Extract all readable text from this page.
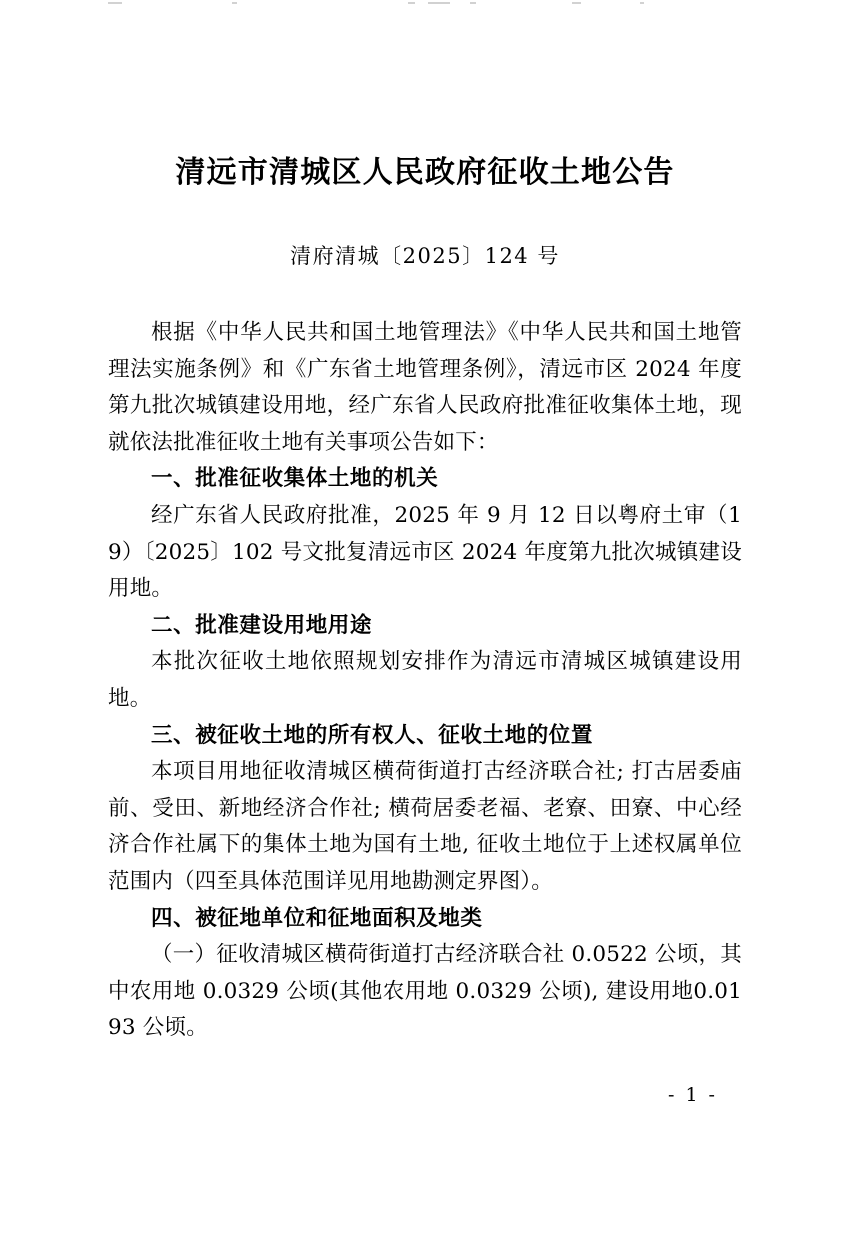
清远市清城区人民政府征收土地公告

清府清城〔2025〕124 号

根据《中华人民共和国土地管理法》《中华人民共和国土地管理法实施条例》和《广东省土地管理条例》，清远市区 2024 年度第九批次城镇建设用地，经广东省人民政府批准征收集体土地，现就依法批准征收土地有关事项公告如下：

一、批准征收集体土地的机关

经广东省人民政府批准，2025 年 9 月 12 日以粤府土审（19）〔2025〕102 号文批复清远市区 2024 年度第九批次城镇建设用地。

二、批准建设用地用途

本批次征收土地依照规划安排作为清远市清城区城镇建设用地。

三、被征收土地的所有权人、征收土地的位置

本项目用地征收清城区横荷街道打古经济联合社; 打古居委庙前、受田、新地经济合作社; 横荷居委老福、老寮、田寮、中心经济合作社属下的集体土地为国有土地, 征收土地位于上述权属单位范围内（四至具体范围详见用地勘测定界图）。

四、被征地单位和征地面积及地类

（一）征收清城区横荷街道打古经济联合社 0.0522 公顷，其中农用地 0.0329 公顷(其他农用地 0.0329 公顷), 建设用地0.0193 公顷。

- 1 -
